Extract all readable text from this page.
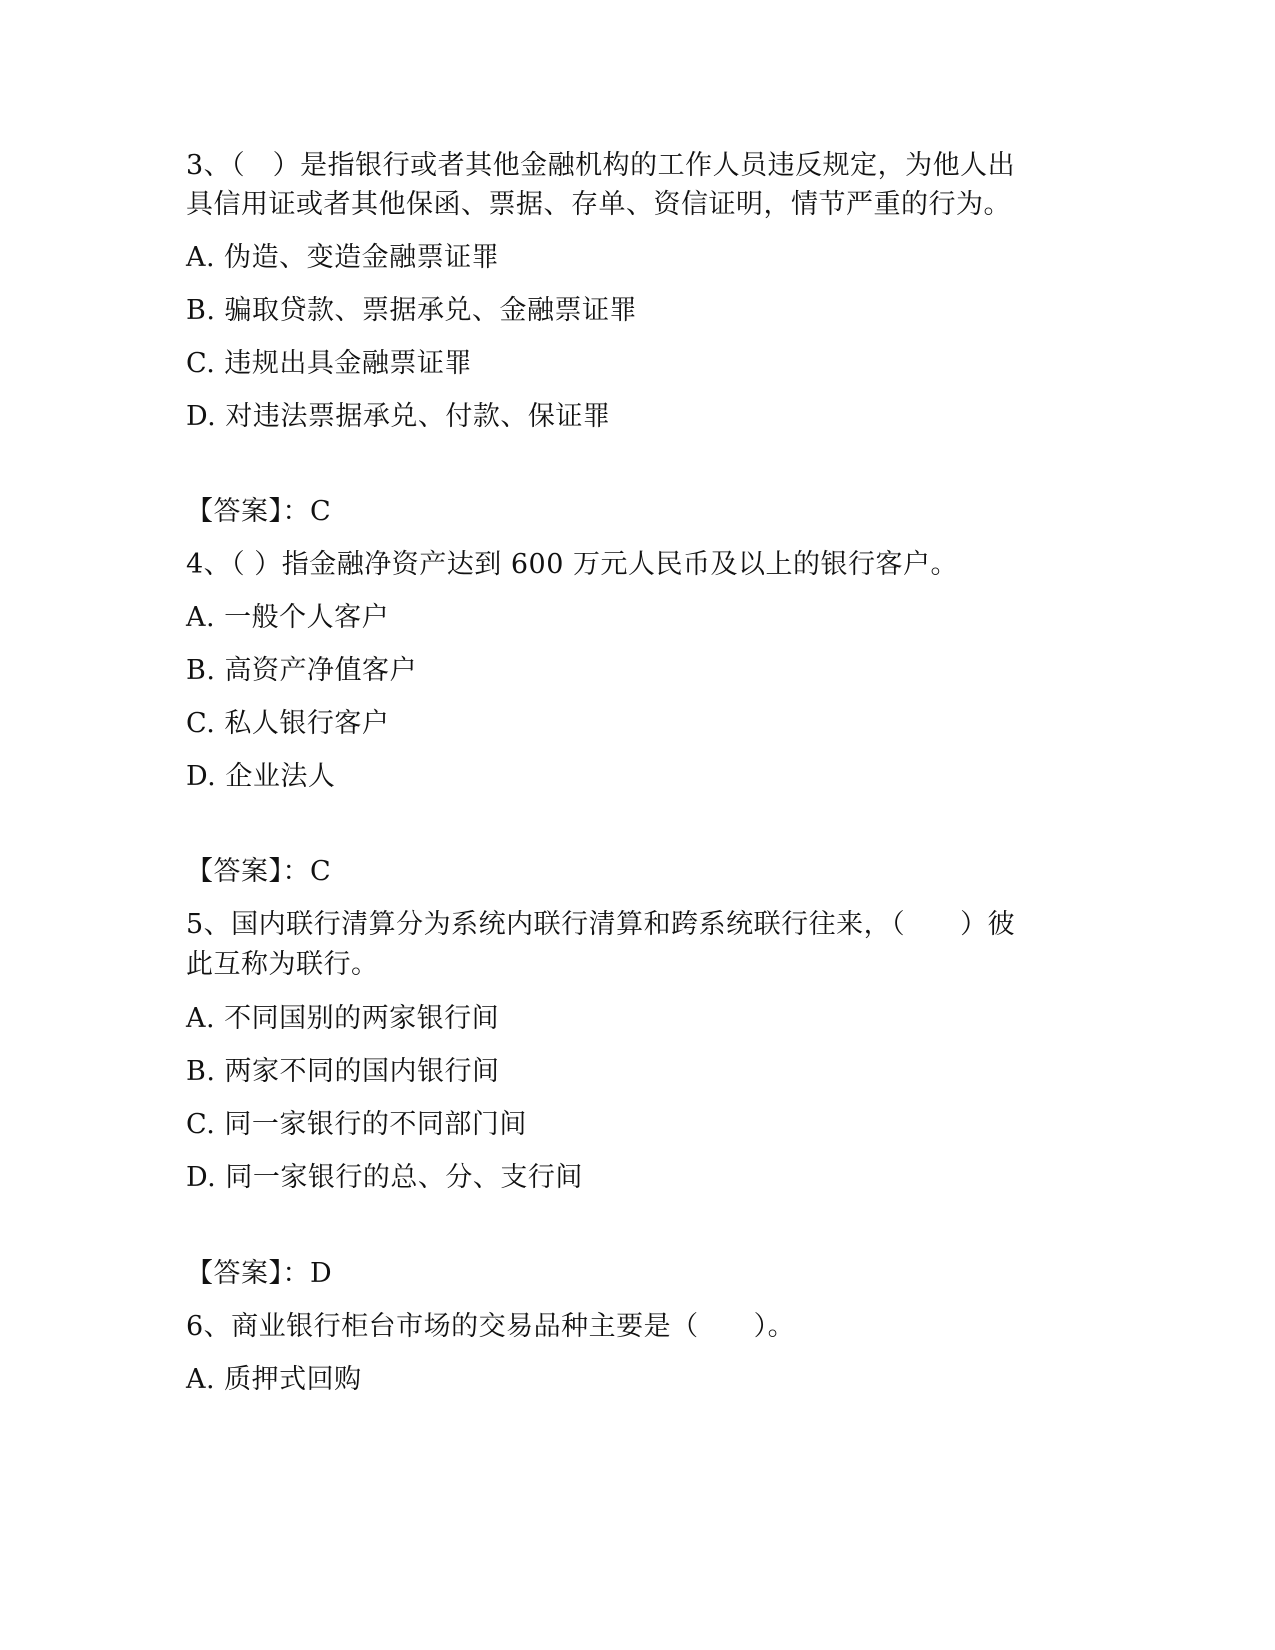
3、（　）是指银行或者其他金融机构的工作人员违反规定，为他人出
具信用证或者其他保函、票据、存单、资信证明，情节严重的行为。
A. 伪造、变造金融票证罪
B. 骗取贷款、票据承兑、金融票证罪
C. 违规出具金融票证罪
D. 对违法票据承兑、付款、保证罪
【答案】：C
4、（ ）指金融净资产达到 600 万元人民币及以上的银行客户。
A. 一般个人客户
B. 高资产净值客户
C. 私人银行客户
D. 企业法人
【答案】：C
5、国内联行清算分为系统内联行清算和跨系统联行往来，（　　）彼
此互称为联行。
A. 不同国别的两家银行间
B. 两家不同的国内银行间
C. 同一家银行的不同部门间
D. 同一家银行的总、分、支行间
【答案】：D
6、商业银行柜台市场的交易品种主要是（　　）。
A. 质押式回购
